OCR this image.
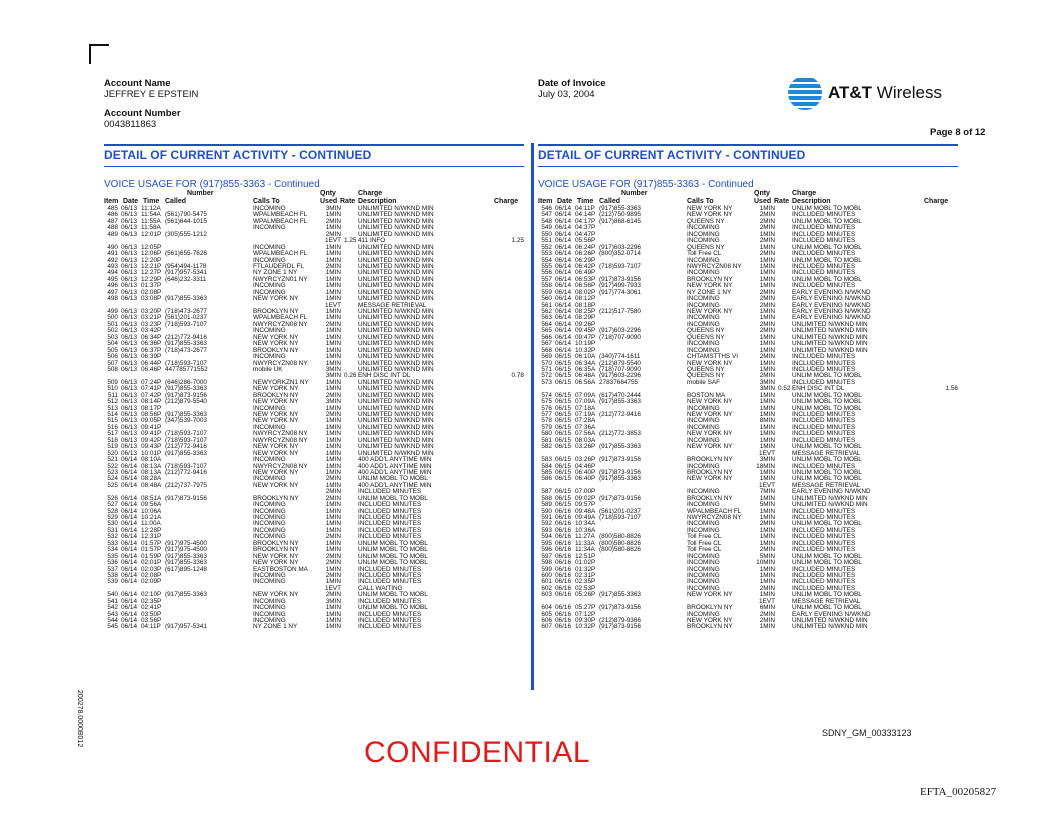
Account Name
JEFFREY E EPSTEIN
Account Number
0043811863
Date of Invoice
July 03, 2004	AT&T Wireless
Page 8 of 12
DETAIL OF CURRENT ACTIVITY - CONTINUED
VOICE USAGE FOR (917)855-3363 - Continued
Number	Qnty	Charge
Item Date Time Called	Calls To	Used Rate Description	Charge
485 06/13 11:12A	INCOMING	3MIN	UNLIMITED N/WKND MIN
486 06/13 11:54A (561)790-5475	WPALMBEACH FL	1MIN	UNLIMITED N/WKND MIN
487 06/13 11:55A (561)644-1015	WPALMBEACH FL	2MIN	UNLIMITED N/WKND MIN
488 06/13 11:58A	INCOMING	1MIN	UNLIMITED N/WKND MIN
489 06/13 12:01P (305)555-1212	2MIN	UNLIMITED N/WKND MIN
1EVT 1.25 411 INFO	1.25
490 06/13 12:05P	INCOMING	1MIN	UNLIMITED N/WKND MIN
491 06/13 12:06P (561)655-7626	WPALMBEACH FL	1MIN	UNLIMITED N/WKND MIN
492 06/13 12:20P	INCOMING	1MIN	UNLIMITED N/WKND MIN
493 06/13 12:21P (954)494-1178	FTLAUDERDL FL	2MIN	UNLIMITED N/WKND MIN
494 06/13 12:27P (917)957-5341	NY ZONE 1 NY	1MIN	UNLIMITED N/WKND MIN
495 06/13 12:29P (646)232-3311	NWYRCYZN01 NY	1MIN	UNLIMITED N/WKND MIN
496 06/13 01:37P	INCOMING	1MIN	UNLIMITED N/WKND MIN
497 06/13 02:08P	INCOMING	1MIN	UNLIMITED N/WKND MIN
498 06/13 03:08P (917)855-3363	NEW YORK NY	1MIN	UNLIMITED N/WKND MIN
1EVT	MESSAGE RETRIEVAL
499 06/13 03:20P (718)473-2677	BROOKLYN NY	1MIN	UNLIMITED N/WKND MIN
500 06/13 03:21P (561)201-0237	WPALMBEACH FL	1MIN	UNLIMITED N/WKND MIN
501 06/13 03:23P (718)593-7107	NWYRCYZN08 NY	2MIN	UNLIMITED N/WKND MIN
502 06/13 03:42P	INCOMING	1MIN	UNLIMITED N/WKND MIN
503 06/13 06:34P (212)772-9416	NEW YORK NY	1MIN	UNLIMITED N/WKND MIN
504 06/13 06:36P (917)855-3363	NEW YORK NY	1MIN	UNLIMITED N/WKND MIN
505 06/13 06:37P (718)473-2677	BROOKLYN NY	1MIN	UNLIMITED N/WKND MIN
506 06/13 06:39P	INCOMING	1MIN	UNLIMITED N/WKND MIN
507 06/13 06:44P (718)593-7107	NWYRCYZN08 NY	1MIN	UNLIMITED N/WKND MIN
508 06/13 06:46P 447785771552	mobile UK	3MIN	UNLIMITED N/WKND MIN
3MIN 0.26 ENH DISC INT DL	0.78
509 06/13 07:24P (646)286-7000	NEWYORKZN1 NY	1MIN	UNLIMITED N/WKND MIN
510 06/13 07:41P (917)855-3363	NEW YORK NY	1MIN	UNLIMITED N/WKND MIN
511 06/13 07:42P (917)873-9156	BROOKLYN NY	2MIN	UNLIMITED N/WKND MIN
512 06/13 08:14P (212)879-5540	NEW YORK NY	3MIN	UNLIMITED N/WKND MIN
513 06/13 08:17P	INCOMING	1MIN	UNLIMITED N/WKND MIN
514 06/13 08:56P (917)855-3363	NEW YORK NY	2MIN	UNLIMITED N/WKND MIN
515 06/13 09:05P (347)539-7003	NEW YORK NY	1MIN	UNLIMITED N/WKND MIN
516 06/13 09:41P	INCOMING	1MIN	UNLIMITED N/WKND MIN
517 06/13 09:41P (718)593-7107	NWYRCYZN08 NY	1MIN	UNLIMITED N/WKND MIN
518 06/13 09:42P (718)593-7107	NWYRCYZN08 NY	1MIN	UNLIMITED N/WKND MIN
519 06/13 09:43P (212)772-9416	NEW YORK NY	1MIN	UNLIMITED N/WKND MIN
520 06/13 10:01P (917)855-3363	NEW YORK NY	1MIN	UNLIMITED N/WKND MIN
521 06/14 08:10A	INCOMING	1MIN	400 ADD'L ANYTIME MIN
522 06/14 08:13A (718)593-7107	NWYRCYZN08 NY	1MIN	400 ADD'L ANYTIME MIN
523 06/14 08:13A (212)772-9416	NEW YORK NY	1MIN	400 ADD'L ANYTIME MIN
524 06/14 08:28A	INCOMING	2MIN	UNLIM MOBL TO MOBL
525 06/14 08:48A (212)737-7975	NEW YORK NY	1MIN	400 ADD'L ANYTIME MIN
2MIN	INCLUDED MINUTES
526 06/14 08:51A (917)873-9156	BROOKLYN NY	2MIN	UNLIM MOBL TO MOBL
527 06/14 09:56A	INCOMING	1MIN	INCLUDED MINUTES
528 06/14 10:06A	INCOMING	1MIN	INCLUDED MINUTES
529 06/14 10:21A	INCOMING	1MIN	INCLUDED MINUTES
530 06/14 11:00A	INCOMING	1MIN	INCLUDED MINUTES
531 06/14 12:28P	INCOMING	1MIN	INCLUDED MINUTES
532 06/14 12:31P	INCOMING	2MIN	INCLUDED MINUTES
533 06/14 01:57P (917)975-4500	BROOKLYN NY	1MIN	UNLIM MOBL TO MOBL
534 06/14 01:57P (917)975-4500	BROOKLYN NY	1MIN	UNLIM MOBL TO MOBL
535 06/14 01:59P (917)855-3363	NEW YORK NY	2MIN	UNLIM MOBL TO MOBL
536 06/14 02:01P (917)855-3363	NEW YORK NY	2MIN	UNLIM MOBL TO MOBL
537 06/14 02:03P (617)895-1248	EASTBOSTON MA	1MIN	INCLUDED MINUTES
538 06/14 02:08P	INCOMING	2MIN	INCLUDED MINUTES
539 06/14 02:09P	INCOMING	1MIN	INCLUDED MINUTES
1EVT	CALL WAITING
540 06/14 02:10P (917)855-3363	NEW YORK NY	2MIN	UNLIM MOBL TO MOBL
541 06/14 02:35P	INCOMING	3MIN	INCLUDED MINUTES
542 06/14 02:41P	INCOMING	1MIN	UNLIM MOBL TO MOBL
543 06/14 03:50P	INCOMING	1MIN	INCLUDED MINUTES
544 06/14 03:56P	INCOMING	1MIN	INCLUDED MINUTES
545 06/14 04:11P (917)957-5341	NY ZONE 1 NY	1MIN	INCLUDED MINUTES
DETAIL OF CURRENT ACTIVITY - CONTINUED
VOICE USAGE FOR (917)855-3363 - Continued
Number	Qnty	Charge
Item Date Time Called	Calls To	Used Rate Description	Charge
546 06/14 04:11P (917)855-3363	NEW YORK NY	1MIN	UNLIM MOBL TO MOBL
547 06/14 04:14P (212)750-9895	NEW YORK NY	2MIN	INCLUDED MINUTES
548 06/14 04:17P (917)868-6145	QUEENS NY	2MIN	UNLIM MOBL TO MOBL
549 06/14 04:37P	INCOMING	2MIN	INCLUDED MINUTES
550 06/14 04:47P	INCOMING	1MIN	INCLUDED MINUTES
551 06/14 05:56P	INCOMING	2MIN	INCLUDED MINUTES
552 06/14 06:24P (917)603-2296	QUEENS NY	1MIN	UNLIM MOBL TO MOBL
553 06/14 06:26P (800)352-0714	Toll Free CL	2MIN	INCLUDED MINUTES
554 06/14 06:29P	INCOMING	1MIN	UNLIM MOBL TO MOBL
555 06/14 06:42P (718)593-7107	NWYRCYZN08 NY	1MIN	INCLUDED MINUTES
556 06/14 06:49P	INCOMING	1MIN	INCLUDED MINUTES
557 06/14 06:53P (917)873-9156	BROOKLYN NY	1MIN	UNLIM MOBL TO MOBL
558 06/14 06:56P (917)499-7933	NEW YORK NY	1MIN	INCLUDED MINUTES
559 06/14 08:02P (917)774-3061	NY ZONE 1 NY	2MIN	EARLY EVENING N/WKND
560 06/14 08:12P	INCOMING	2MIN	EARLY EVENING N/WKND
561 06/14 08:18P	INCOMING	2MIN	EARLY EVENING N/WKND
562 06/14 08:25P (212)517-7580	NEW YORK NY	1MIN	EARLY EVENING N/WKND
563 06/14 08:29P	INCOMING	1MIN	EARLY EVENING N/WKND
564 06/14 09:26P	INCOMING	2MIN	UNLIMITED N/WKND MIN
565 06/14 09:45P (917)603-2296	QUEENS NY	2MIN	UNLIMITED N/WKND MIN
566 06/14 09:47P (718)707-9090	QUEENS NY	1MIN	UNLIMITED N/WKND MIN
567 06/14 10:19P	INCOMING	1MIN	UNLIMITED N/WKND MIN
568 06/14 10:32P	INCOMING	1MIN	UNLIMITED N/WKND MIN
569 06/15 06:10A (340)774-1611	CHTAMSTTHS VI	2MIN	INCLUDED MINUTES
570 06/15 06:34A (212)879-5540	NEW YORK NY	1MIN	INCLUDED MINUTES
571 06/15 06:35A (718)707-9090	QUEENS NY	1MIN	INCLUDED MINUTES
572 06/15 06:48A (917)603-2296	QUEENS NY	2MIN	UNLIM MOBL TO MOBL
573 06/15 06:56A 27837664755	mobile SAF	3MIN	INCLUDED MINUTES
3MIN 0.52 ENH DISC INT DL	1.56
574 06/15 07:09A (617)470-2444	BOSTON MA	1MIN	UNLIM MOBL TO MOBL
575 06/15 07:09A (917)855-3363	NEW YORK NY	1MIN	UNLIM MOBL TO MOBL
576 06/15 07:18A	INCOMING	1MIN	UNLIM MOBL TO MOBL
577 06/15 07:19A (212)772-9416	NEW YORK NY	1MIN	INCLUDED MINUTES
578 06/15 07:28A	INCOMING	8MIN	INCLUDED MINUTES
579 06/15 07:36A	INCOMING	1MIN	INCLUDED MINUTES
580 06/15 07:56A (212)772-3853	NEW YORK NY	1MIN	INCLUDED MINUTES
581 06/15 08:03A	INCOMING	1MIN	INCLUDED MINUTES
582 06/15 03:26P (917)855-3363	NEW YORK NY	1MIN	UNLIM MOBL TO MOBL
1EVT	MESSAGE RETRIEVAL
583 06/15 03:26P (917)873-9156	BROOKLYN NY	3MIN	UNLIM MOBL TO MOBL
584 06/15 04:46P	INCOMING	18MIN	INCLUDED MINUTES
585 06/15 06:40P (917)873-9156	BROOKLYN NY	1MIN	UNLIM MOBL TO MOBL
586 06/15 06:40P (917)855-3363	NEW YORK NY	1MIN	UNLIM MOBL TO MOBL
1EVT	MESSAGE RETRIEVAL
587 06/15 07:00P	INCOMING	7MIN	EARLY EVENING N/WKND
588 06/15 09:02P (917)873-9156	BROOKLYN NY	1MIN	UNLIMITED N/WKND MIN
589 06/15 09:57P	INCOMING	5MIN	UNLIMITED N/WKND MIN
590 06/16 09:48A (561)201-0237	WPALMBEACH FL	1MIN	INCLUDED MINUTES
591 06/16 09:49A (718)593-7107	NWYRCYZN08 NY	1MIN	INCLUDED MINUTES
592 06/16 10:34A	INCOMING	2MIN	UNLIM MOBL TO MOBL
593 06/16 10:36A	INCOMING	1MIN	INCLUDED MINUTES
594 06/16 11:27A (800)580-8826	Toll Free CL	1MIN	INCLUDED MINUTES
595 06/16 11:33A (800)580-8826	Toll Free CL	1MIN	INCLUDED MINUTES
596 06/16 11:34A (800)580-8826	Toll Free CL	2MIN	INCLUDED MINUTES
597 06/16 12:51P	INCOMING	5MIN	UNLIM MOBL TO MOBL
598 06/16 01:02P	INCOMING	10MIN	UNLIM MOBL TO MOBL
599 06/16 01:32P	INCOMING	1MIN	INCLUDED MINUTES
600 06/16 02:31P	INCOMING	1MIN	INCLUDED MINUTES
601 06/16 02:35P	INCOMING	1MIN	INCLUDED MINUTES
602 06/16 02:53P	INCOMING	2MIN	INCLUDED MINUTES
603 06/16 05:26P (917)855-3363	NEW YORK NY	1MIN	UNLIM MOBL TO MOBL
1EVT	MESSAGE RETRIEVAL
604 06/16 05:27P (917)873-9156	BROOKLYN NY	6MIN	UNLIM MOBL TO MOBL
605 06/16 07:12P	INCOMING	2MIN	EARLY EVENING N/WKND
606 06/16 09:30P (212)879-9366	NEW YORK NY	2MIN	UNLIMITED N/WKND MIN
607 06/16 10:32P (917)873-9156	BROOKLYN NY	1MIN	UNLIMITED N/WKND MIN
200278.0000B012	SDNY_GM_00333123
CONFIDENTIAL
EFTA_00205827
